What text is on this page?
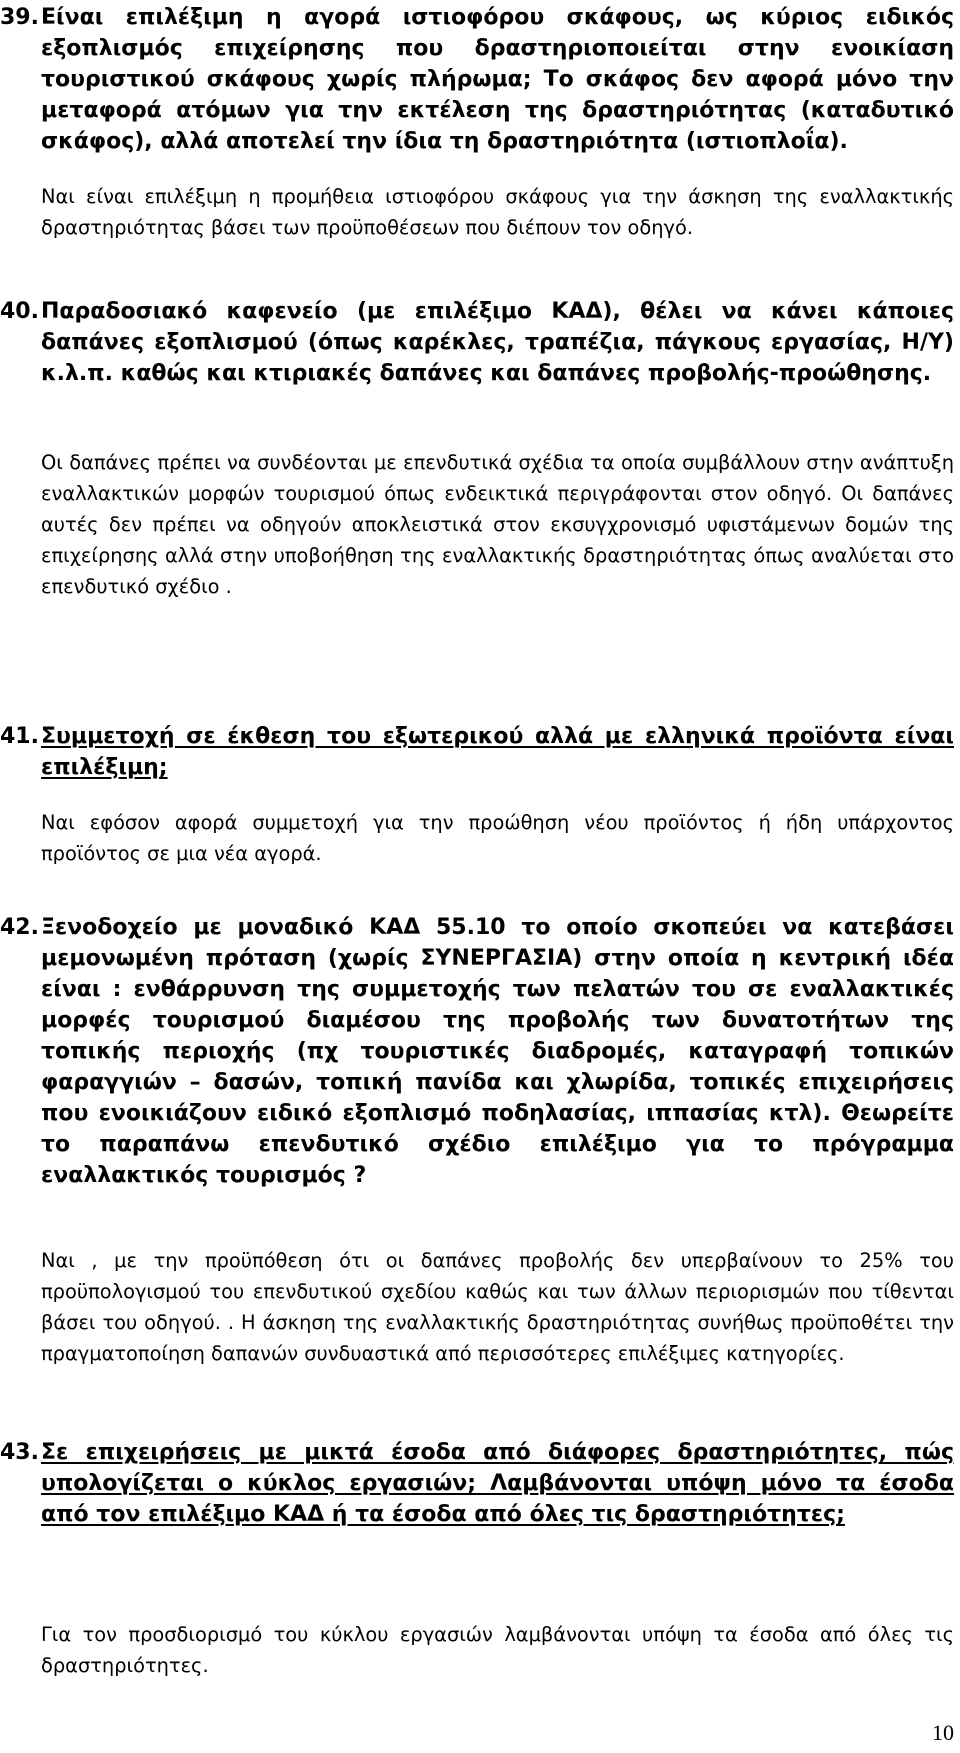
39. Είναι επιλέξιμη η αγορά ιστιοφόρου σκάφους, ως κύριος ειδικός εξοπλισμός επιχείρησης που δραστηριοποιείται στην ενοικίαση τουριστικού σκάφους χωρίς πλήρωμα; Το σκάφος δεν αφορά μόνο την μεταφορά ατόμων για την εκτέλεση της δραστηριότητας (καταδυτικό σκάφος), αλλά αποτελεί την ίδια τη δραστηριότητα (ιστιοπλοΐα).
Ναι είναι επιλέξιμη η προμήθεια ιστιοφόρου σκάφους για την άσκηση της εναλλακτικής δραστηριότητας βάσει των προϋποθέσεων που διέπουν τον οδηγό.
40. Παραδοσιακό καφενείο (με επιλέξιμο ΚΑΔ), θέλει να κάνει κάποιες δαπάνες εξοπλισμού (όπως καρέκλες, τραπέζια, πάγκους εργασίας, Η/Υ) κ.λ.π. καθώς και κτιριακές δαπάνες και δαπάνες προβολής-προώθησης.
Οι δαπάνες πρέπει να συνδέονται με επενδυτικά σχέδια τα οποία συμβάλλουν στην ανάπτυξη εναλλακτικών μορφών τουρισμού όπως ενδεικτικά περιγράφονται στον οδηγό. Οι δαπάνες αυτές δεν πρέπει να οδηγούν αποκλειστικά στον εκσυγχρονισμό υφιστάμενων δομών της επιχείρησης αλλά στην υποβοήθηση της εναλλακτικής δραστηριότητας όπως αναλύεται στο επενδυτικό σχέδιο .
41. Συμμετοχή σε έκθεση του εξωτερικού αλλά με ελληνικά προϊόντα είναι επιλέξιμη;
Ναι εφόσον αφορά συμμετοχή για την προώθηση νέου προϊόντος ή ήδη υπάρχοντος προϊόντος σε μια νέα αγορά.
42. Ξενοδοχείο με μοναδικό ΚΑΔ 55.10 το οποίο σκοπεύει να κατεβάσει μεμονωμένη πρόταση (χωρίς ΣΥΝΕΡΓΑΣΙΑ) στην οποία η κεντρική ιδέα είναι : ενθάρρυνση της συμμετοχής των πελατών του σε εναλλακτικές μορφές τουρισμού διαμέσου της προβολής των δυνατοτήτων της τοπικής περιοχής (πχ τουριστικές διαδρομές, καταγραφή τοπικών φαραγγιών – δασών, τοπική πανίδα και χλωρίδα, τοπικές επιχειρήσεις που ενοικιάζουν ειδικό εξοπλισμό ποδηλασίας, ιππασίας κτλ). Θεωρείτε το παραπάνω επενδυτικό σχέδιο επιλέξιμο για το πρόγραμμα εναλλακτικός τουρισμός ?
Ναι , με την προϋπόθεση ότι οι δαπάνες προβολής δεν υπερβαίνουν το 25% του προϋπολογισμού του επενδυτικού σχεδίου καθώς και των άλλων περιορισμών που τίθενται βάσει του οδηγού. . Η άσκηση της εναλλακτικής δραστηριότητας συνήθως προϋποθέτει την πραγματοποίηση δαπανών συνδυαστικά από περισσότερες επιλέξιμες κατηγορίες.
43. Σε επιχειρήσεις με μικτά έσοδα από διάφορες δραστηριότητες, πώς υπολογίζεται ο κύκλος εργασιών; Λαμβάνονται υπόψη μόνο τα έσοδα από τον επιλέξιμο ΚΑΔ ή τα έσοδα από όλες τις δραστηριότητες;
Για τον προσδιορισμό του κύκλου εργασιών λαμβάνονται υπόψη τα έσοδα από όλες τις δραστηριότητες.
10
